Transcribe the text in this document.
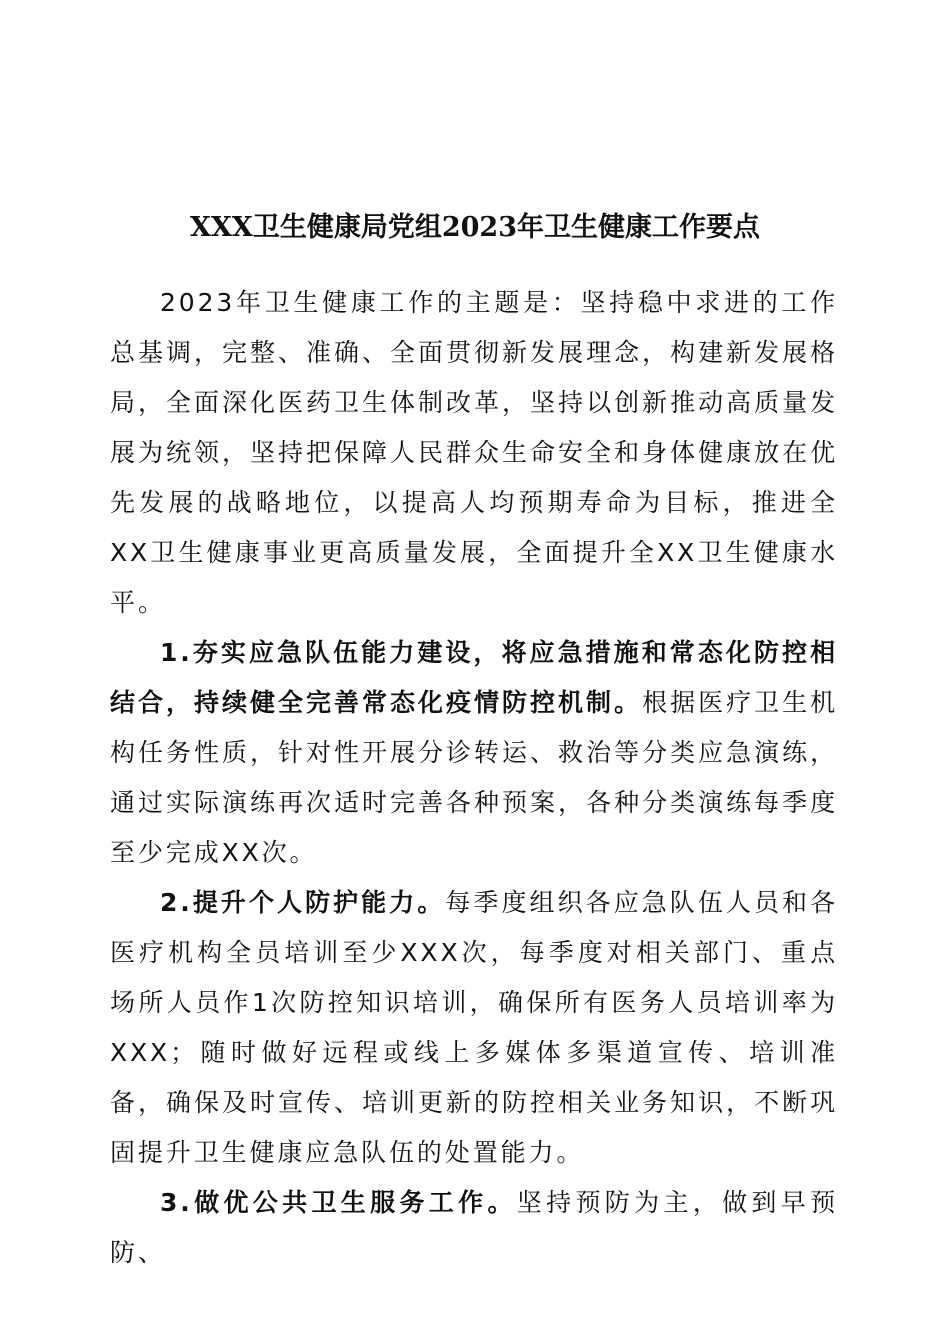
XXX卫生健康局党组2023年卫生健康工作要点

2023年卫生健康工作的主题是：坚持稳中求进的工作总基调，完整、准确、全面贯彻新发展理念，构建新发展格局，全面深化医药卫生体制改革，坚持以创新推动高质量发展为统领，坚持把保障人民群众生命安全和身体健康放在优先发展的战略地位，以提高人均预期寿命为目标，推进全XX卫生健康事业更高质量发展，全面提升全XX卫生健康水平。

1.夯实应急队伍能力建设，将应急措施和常态化防控相结合，持续健全完善常态化疫情防控机制。根据医疗卫生机构任务性质，针对性开展分诊转运、救治等分类应急演练，通过实际演练再次适时完善各种预案，各种分类演练每季度至少完成XX次。

2.提升个人防护能力。每季度组织各应急队伍人员和各医疗机构全员培训至少XXX次，每季度对相关部门、重点场所人员作1次防控知识培训，确保所有医务人员培训率为XXX；随时做好远程或线上多媒体多渠道宣传、培训准备，确保及时宣传、培训更新的防控相关业务知识，不断巩固提升卫生健康应急队伍的处置能力。

3.做优公共卫生服务工作。坚持预防为主，做到早预防、
